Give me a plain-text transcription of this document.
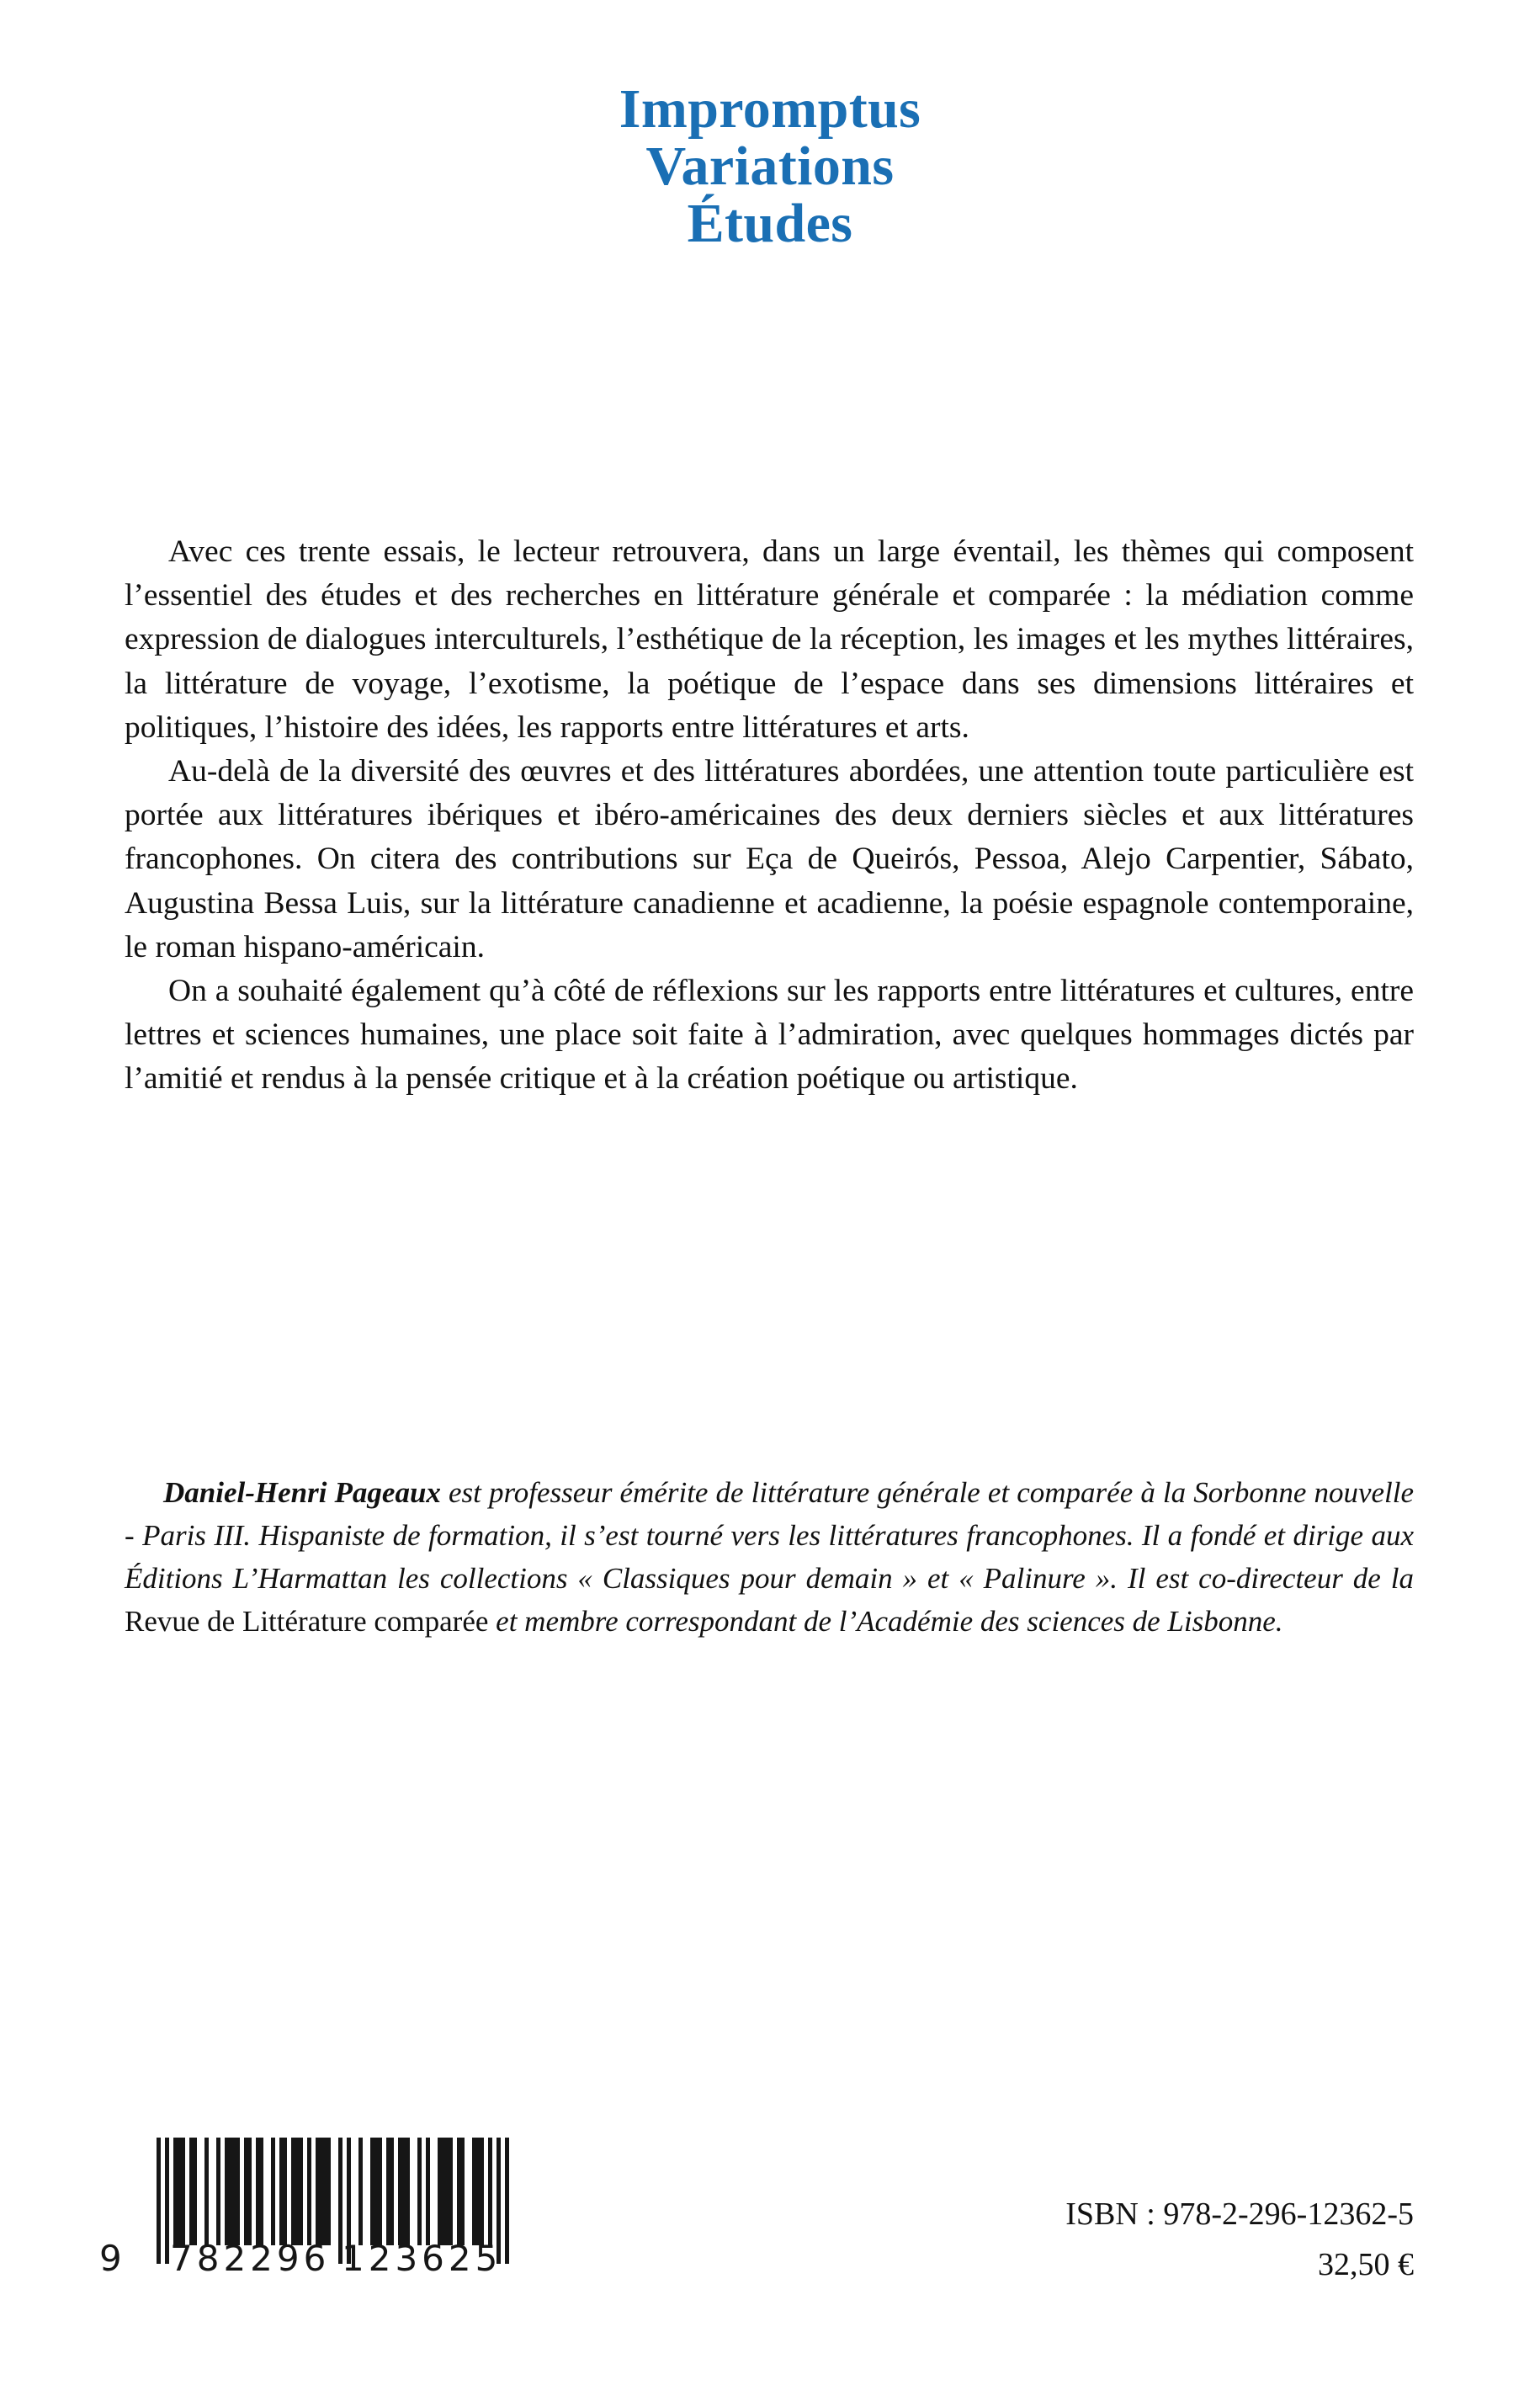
Impromptus
Variations
Études

Avec ces trente essais, le lecteur retrouvera, dans un large éventail, les thèmes qui composent l’essentiel des études et des recherches en littérature générale et comparée : la médiation comme expression de dialogues interculturels, l’esthétique de la réception, les images et les mythes littéraires, la littérature de voyage, l’exotisme, la poétique de l’espace dans ses dimensions littéraires et politiques, l’histoire des idées, les rapports entre littératures et arts.

Au-delà de la diversité des œuvres et des littératures abordées, une attention toute particulière est portée aux littératures ibériques et ibéro-américaines des deux derniers siècles et aux littératures francophones. On citera des contributions sur Eça de Queirós, Pessoa, Alejo Carpentier, Sábato, Augustina Bessa Luis, sur la littérature canadienne et acadienne, la poésie espagnole contemporaine, le roman hispano-américain.

On a souhaité également qu’à côté de réflexions sur les rapports entre littératures et cultures, entre lettres et sciences humaines, une place soit faite à l’admiration, avec quelques hommages dictés par l’amitié et rendus à la pensée critique et à la création poétique ou artistique.

Daniel-Henri Pageaux est professeur émérite de littérature générale et comparée à la Sorbonne nouvelle - Paris III. Hispaniste de formation, il s’est tourné vers les littératures francophones. Il a fondé et dirige aux Éditions L’Harmattan les collections « Classiques pour demain » et « Palinure ». Il est co-directeur de la Revue de Littérature comparée et membre correspondant de l’Académie des sciences de Lisbonne.

9 782296 123625
ISBN : 978-2-296-12362-5
32,50 €
